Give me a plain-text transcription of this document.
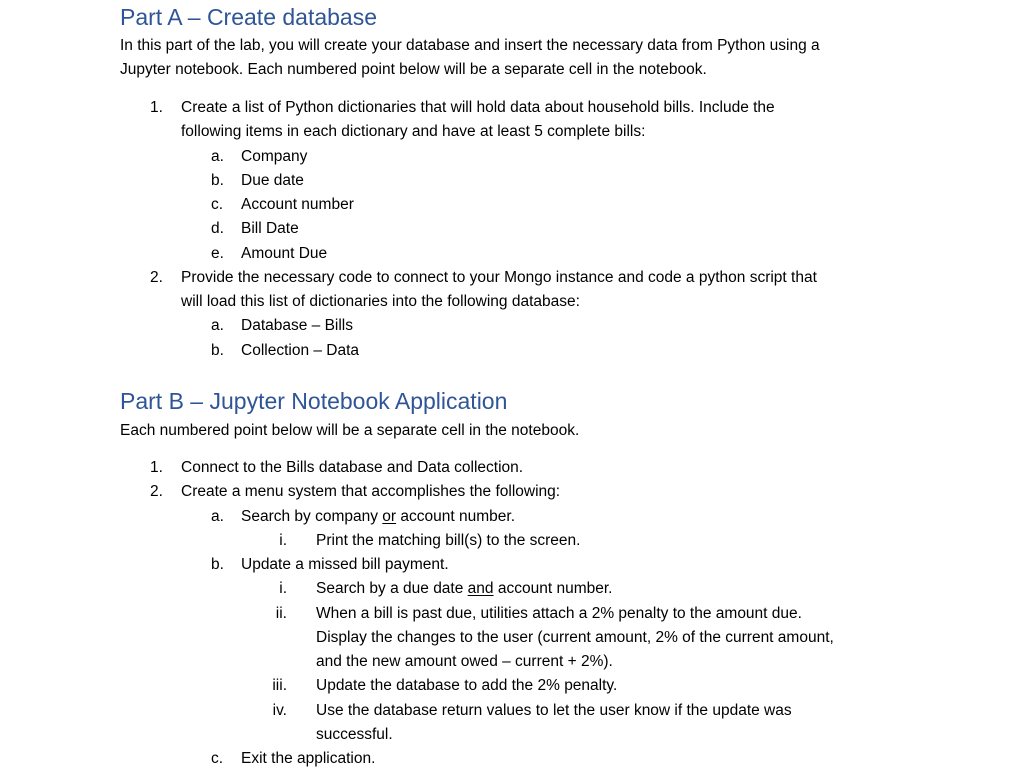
Part A – Create database

In this part of the lab, you will create your database and insert the necessary data from Python using a

Jupyter notebook. Each numbered point below will be a separate cell in the notebook.

1. Create a list of Python dictionaries that will hold data about household bills. Include the

following items in each dictionary and have at least 5 complete bills:

a. Company

b. Due date

c. Account number

d. Bill Date

e. Amount Due

2. Provide the necessary code to connect to your Mongo instance and code a python script that

will load this list of dictionaries into the following database:

a. Database – Bills

b. Collection – Data

Part B – Jupyter Notebook Application

Each numbered point below will be a separate cell in the notebook.

1. Connect to the Bills database and Data collection.

2. Create a menu system that accomplishes the following:

a. Search by company or account number.

i. Print the matching bill(s) to the screen.

b. Update a missed bill payment.

i. Search by a due date and account number.

ii. When a bill is past due, utilities attach a 2% penalty to the amount due.

Display the changes to the user (current amount, 2% of the current amount,

and the new amount owed – current + 2%).

iii. Update the database to add the 2% penalty.

iv. Use the database return values to let the user know if the update was

successful.

c. Exit the application.
